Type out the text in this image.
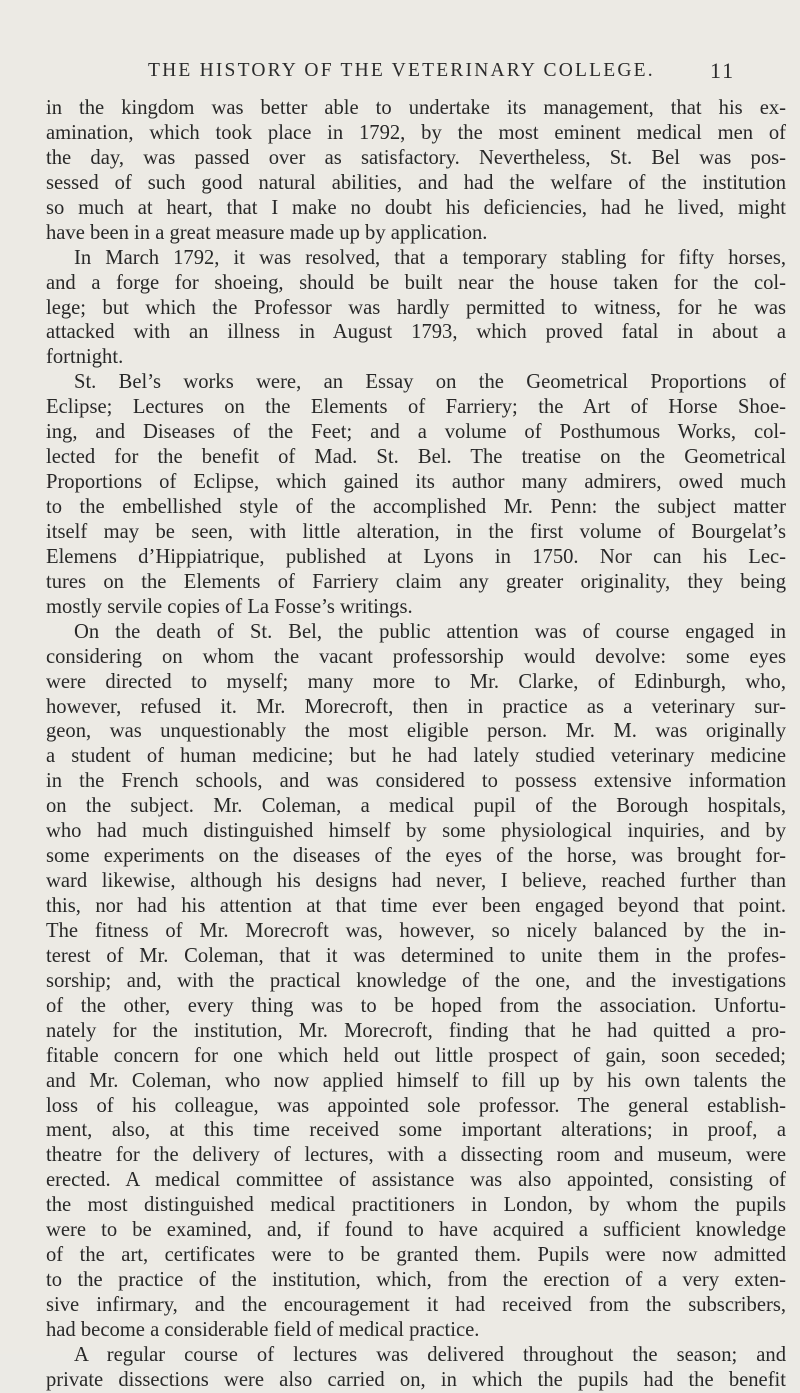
THE HISTORY OF THE VETERINARY COLLEGE.	11
in the kingdom was better able to undertake its management, that his ex-
amination, which took place in 1792, by the most eminent medical men of
the day, was passed over as satisfactory. Nevertheless, St. Bel was pos-
sessed of such good natural abilities, and had the welfare of the institution
so much at heart, that I make no doubt his deficiencies, had he lived, might
have been in a great measure made up by application.
In March 1792, it was resolved, that a temporary stabling for fifty horses,
and a forge for shoeing, should be built near the house taken for the col-
lege; but which the Professor was hardly permitted to witness, for he was
attacked with an illness in August 1793, which proved fatal in about a
fortnight.
St. Bel’s works were, an Essay on the Geometrical Proportions of
Eclipse; Lectures on the Elements of Farriery; the Art of Horse Shoe-
ing, and Diseases of the Feet; and a volume of Posthumous Works, col-
lected for the benefit of Mad. St. Bel. The treatise on the Geometrical
Proportions of Eclipse, which gained its author many admirers, owed much
to the embellished style of the accomplished Mr. Penn: the subject matter
itself may be seen, with little alteration, in the first volume of Bourgelat’s
Elemens d’Hippiatrique, published at Lyons in 1750. Nor can his Lec-
tures on the Elements of Farriery claim any greater originality, they being
mostly servile copies of La Fosse’s writings.
On the death of St. Bel, the public attention was of course engaged in
considering on whom the vacant professorship would devolve: some eyes
were directed to myself; many more to Mr. Clarke, of Edinburgh, who,
however, refused it. Mr. Morecroft, then in practice as a veterinary sur-
geon, was unquestionably the most eligible person. Mr. M. was originally
a student of human medicine; but he had lately studied veterinary medicine
in the French schools, and was considered to possess extensive information
on the subject. Mr. Coleman, a medical pupil of the Borough hospitals,
who had much distinguished himself by some physiological inquiries, and by
some experiments on the diseases of the eyes of the horse, was brought for-
ward likewise, although his designs had never, I believe, reached further than
this, nor had his attention at that time ever been engaged beyond that point.
The fitness of Mr. Morecroft was, however, so nicely balanced by the in-
terest of Mr. Coleman, that it was determined to unite them in the profes-
sorship; and, with the practical knowledge of the one, and the investigations
of the other, every thing was to be hoped from the association. Unfortu-
nately for the institution, Mr. Morecroft, finding that he had quitted a pro-
fitable concern for one which held out little prospect of gain, soon seceded;
and Mr. Coleman, who now applied himself to fill up by his own talents the
loss of his colleague, was appointed sole professor. The general establish-
ment, also, at this time received some important alterations; in proof, a
theatre for the delivery of lectures, with a dissecting room and museum, were
erected. A medical committee of assistance was also appointed, consisting of
the most distinguished medical practitioners in London, by whom the pupils
were to be examined, and, if found to have acquired a sufficient knowledge
of the art, certificates were to be granted them. Pupils were now admitted
to the practice of the institution, which, from the erection of a very exten-
sive infirmary, and the encouragement it had received from the subscribers,
had become a considerable field of medical practice.
A regular course of lectures was delivered throughout the season; and
private dissections were also carried on, in which the pupils had the benefit
